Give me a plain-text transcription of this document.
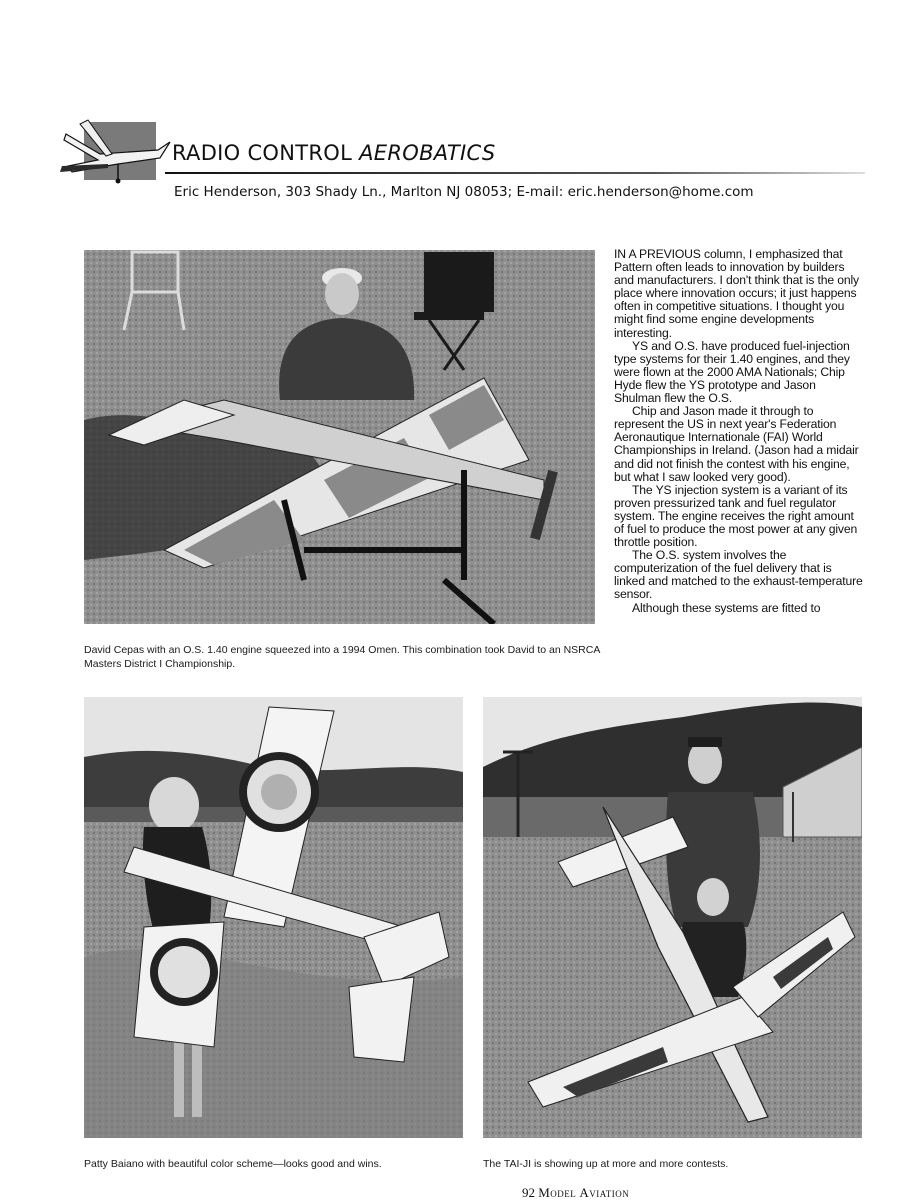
RADIO CONTROL AEROBATICS
Eric Henderson, 303 Shady Ln., Marlton NJ 08053; E-mail: eric.henderson@home.com
David Cepas with an O.S. 1.40 engine squeezed into a 1994 Omen. This combination took David to an NSRCA Masters District I Championship.

IN A PREVIOUS column, I emphasized that Pattern often leads to innovation by builders and manufacturers. I don't think that is the only place where innovation occurs; it just happens often in competitive situations. I thought you might find some engine developments interesting.

YS and O.S. have produced fuel-injection type systems for their 1.40 engines, and they were flown at the 2000 AMA Nationals; Chip Hyde flew the YS prototype and Jason Shulman flew the O.S.

Chip and Jason made it through to represent the US in next year's Federation Aeronautique Internationale (FAI) World Championships in Ireland. (Jason had a midair and did not finish the contest with his engine, but what I saw looked very good).

The YS injection system is a variant of its proven pressurized tank and fuel regulator system. The engine receives the right amount of fuel to produce the most power at any given throttle position.

The O.S. system involves the computerization of the fuel delivery that is linked and matched to the exhaust-temperature sensor.

Although these systems are fitted to

Patty Baiano with beautiful color scheme—looks good and wins.	The TAI-JI is showing up at more and more contests.
92 Model Aviation
